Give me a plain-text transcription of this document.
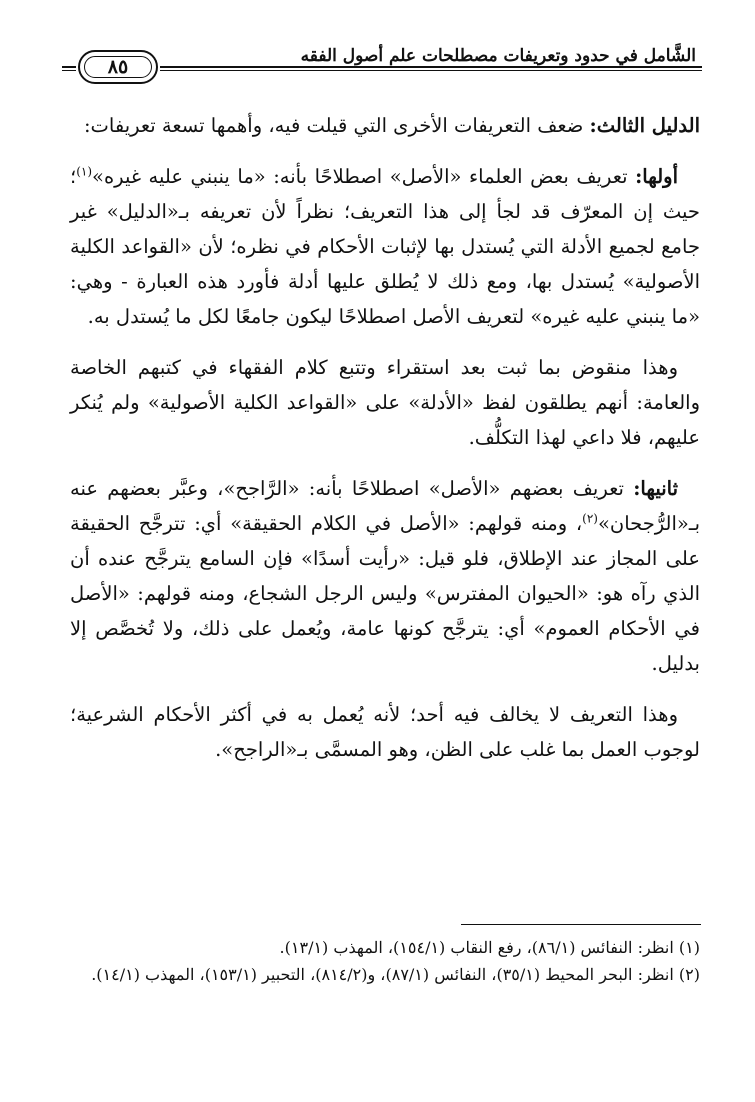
الشَّامل في حدود وتعريفات مصطلحات علم أصول الفقه
٨٥

الدليل الثالث: ضعف التعريفات الأخرى التي قيلت فيه، وأهمها تسعة تعريفات:

أولها: تعريف بعض العلماء «الأصل» اصطلاحًا بأنه: «ما ينبني عليه غيره»$^{(١)}$؛ حيث إن المعرّف قد لجأ إلى هذا التعريف؛ نظراً لأن تعريفه بـ«الدليل» غير جامع لجميع الأدلة التي يُستدل بها لإثبات الأحكام في نظره؛ لأن «القواعد الكلية الأصولية» يُستدل بها، ومع ذلك لا يُطلق عليها أدلة فأورد هذه العبارة - وهي: «ما ينبني عليه غيره» لتعريف الأصل اصطلاحًا ليكون جامعًا لكل ما يُستدل به.

وهذا منقوض بما ثبت بعد استقراء وتتبع كلام الفقهاء في كتبهم الخاصة والعامة: أنهم يطلقون لفظ «الأدلة» على «القواعد الكلية الأصولية» ولم يُنكر عليهم، فلا داعي لهذا التكلُّف.

ثانيها: تعريف بعضهم «الأصل» اصطلاحًا بأنه: «الرَّاجح»، وعبَّر بعضهم عنه بـ«الرُّجحان»$^{(٢)}$، ومنه قولهم: «الأصل في الكلام الحقيقة» أي: تترجَّح الحقيقة على المجاز عند الإطلاق، فلو قيل: «رأيت أسدًا» فإن السامع يترجَّح عنده أن الذي رآه هو: «الحيوان المفترس» وليس الرجل الشجاع، ومنه قولهم: «الأصل في الأحكام العموم» أي: يترجَّح كونها عامة، ويُعمل على ذلك، ولا تُخصَّص إلا بدليل.

وهذا التعريف لا يخالف فيه أحد؛ لأنه يُعمل به في أكثر الأحكام الشرعية؛ لوجوب العمل بما غلب على الظن، وهو المسمَّى بـ«الراجح».

(١) انظر: النفائس (٨٦/١)، رفع النقاب (١٥٤/١)، المهذب (١٣/١).

(٢) انظر: البحر المحيط (٣٥/١)، النفائس (٨٧/١)، و(٨١٤/٢)، التحبير (١٥٣/١)، المهذب (١٤/١).
